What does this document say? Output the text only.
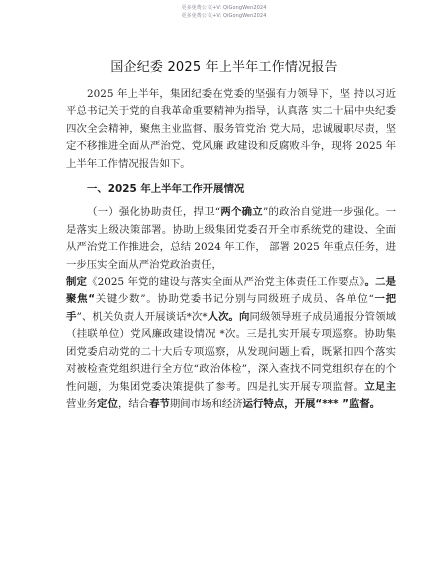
更多免费公文+V: QiGongWen2024
更多免费公文+V: QiGongWen2024
国企纪委 2025 年上半年工作情况报告

2025 年上半年，集团纪委在党委的坚强有力领导下，坚 持以习近平总书记关于党的自我革命重要精神为指导，认真落 实二十届中央纪委四次全会精神，聚焦主业监督、服务管党治 党大局，忠诚履职尽责，坚定不移推进全面从严治党、党风廉 政建设和反腐败斗争，现将 2025 年上半年工作情况报告如下。

一、2025 年上半年工作开展情况

（一）强化协助责任，捍卫“两个确立”的政治自觉进一步强化。一是落实上级决策部署。协助上级集团党委召开全市系统党的建设、全面从严治党工作推进会，总结 2024 年工作， 部署 2025 年重点任务，进一步压实全面从严治党政治责任，

制定《2025 年党的建设与落实全面从严治党主体责任工作要点》。二是聚焦“关键少数”。协助党委书记分别与同级班子成员、各单位“一把手”、机关负责人开展谈话*次*人次。向同级领导班子成员通报分管领域（挂联单位）党风廉政建设情况 *次。三是扎实开展专项巡察。协助集团党委启动党的二十大后专项巡察，从发现问题上看，既紧扣四个落实对被检查党组织进行全方位“政治体检”，深入查找不同党组织存在的个性问题，为集团党委决策提供了参考。四是扎实开展专项监督。立足主营业务定位，结合春节期间市场和经济运行特点，开展“*** ”监督。
